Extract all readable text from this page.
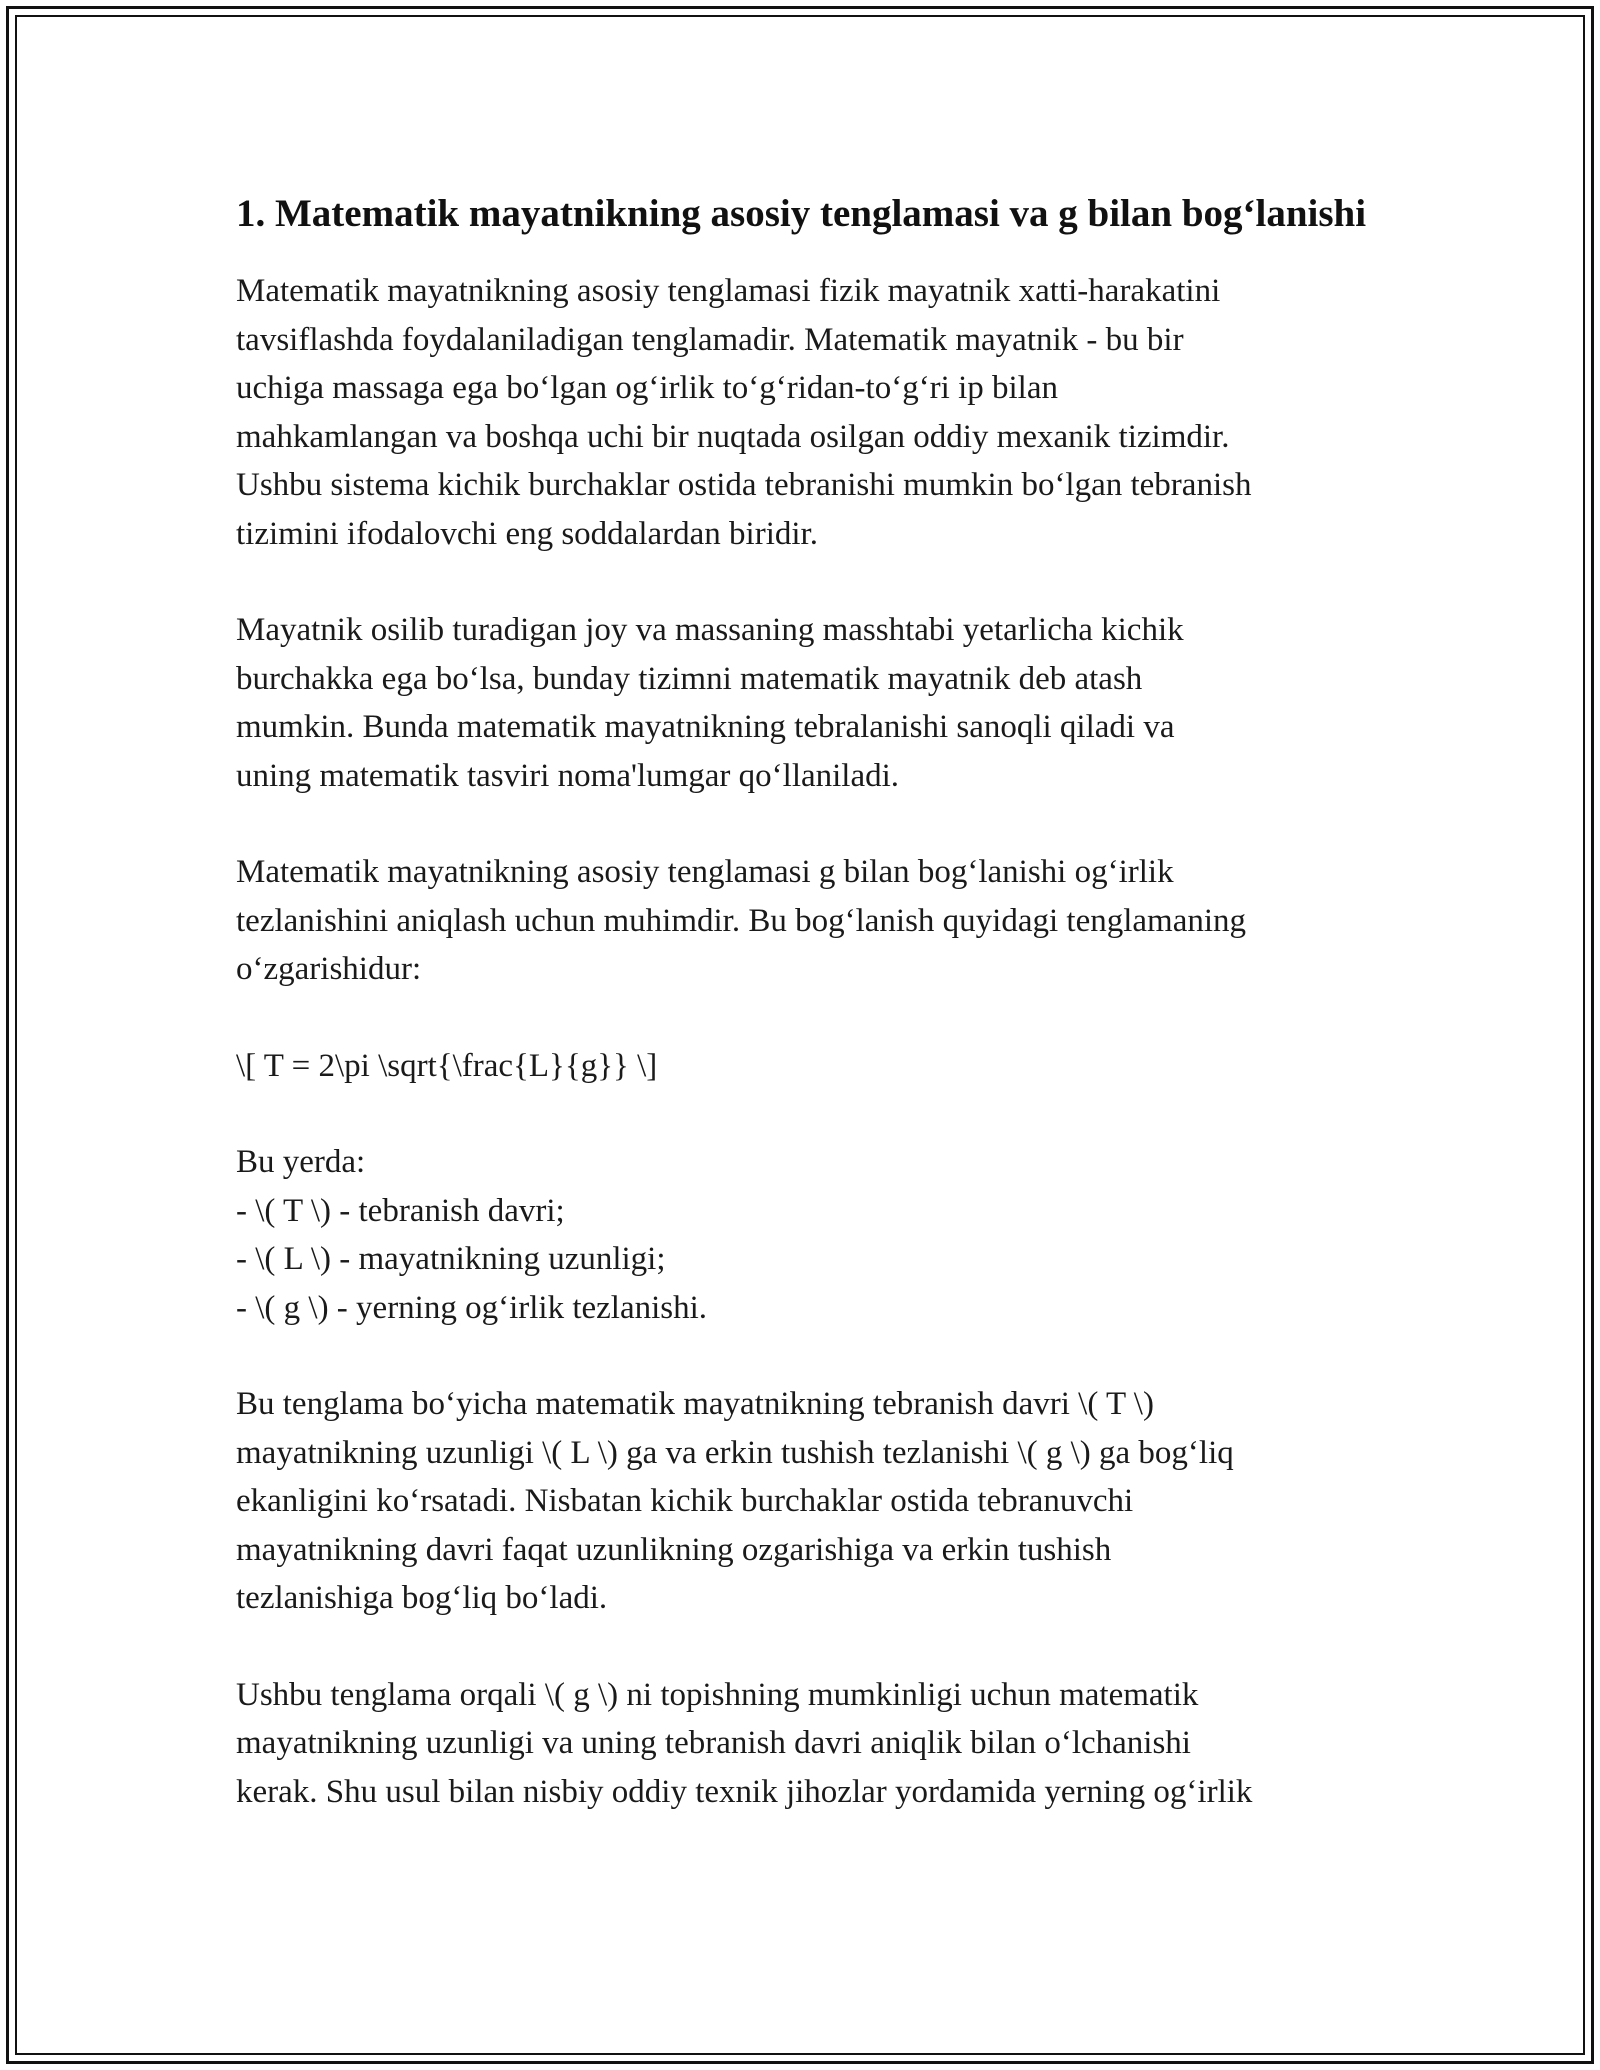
1. Matematik mayatnikning asosiy tenglamasi va g bilan bog‘lanishi

Matematik mayatnikning asosiy tenglamasi fizik mayatnik xatti-harakatini
tavsiflashda foydalaniladigan tenglamadir. Matematik mayatnik - bu bir
uchiga massaga ega bo‘lgan og‘irlik to‘g‘ridan-to‘g‘ri ip bilan
mahkamlangan va boshqa uchi bir nuqtada osilgan oddiy mexanik tizimdir.
Ushbu sistema kichik burchaklar ostida tebranishi mumkin bo‘lgan tebranish
tizimini ifodalovchi eng soddalardan biridir.

Mayatnik osilib turadigan joy va massaning masshtabi yetarlicha kichik
burchakka ega bo‘lsa, bunday tizimni matematik mayatnik deb atash
mumkin. Bunda matematik mayatnikning tebralanishi sanoqli qiladi va
uning matematik tasviri noma'lumgar qo‘llaniladi.

Matematik mayatnikning asosiy tenglamasi g bilan bog‘lanishi og‘irlik
tezlanishini aniqlash uchun muhimdir. Bu bog‘lanish quyidagi tenglamaning
o‘zgarishidur:

\[ T = 2\pi \sqrt{\frac{L}{g}} \]

Bu yerda:
- \( T \) - tebranish davri;
- \( L \) - mayatnikning uzunligi;
- \( g \) - yerning og‘irlik tezlanishi.

Bu tenglama bo‘yicha matematik mayatnikning tebranish davri \( T \)
mayatnikning uzunligi \( L \) ga va erkin tushish tezlanishi \( g \) ga bog‘liq
ekanligini ko‘rsatadi. Nisbatan kichik burchaklar ostida tebranuvchi
mayatnikning davri faqat uzunlikning ozgarishiga va erkin tushish
tezlanishiga bog‘liq bo‘ladi.

Ushbu tenglama orqali \( g \) ni topishning mumkinligi uchun matematik
mayatnikning uzunligi va uning tebranish davri aniqlik bilan o‘lchanishi
kerak. Shu usul bilan nisbiy oddiy texnik jihozlar yordamida yerning og‘irlik
